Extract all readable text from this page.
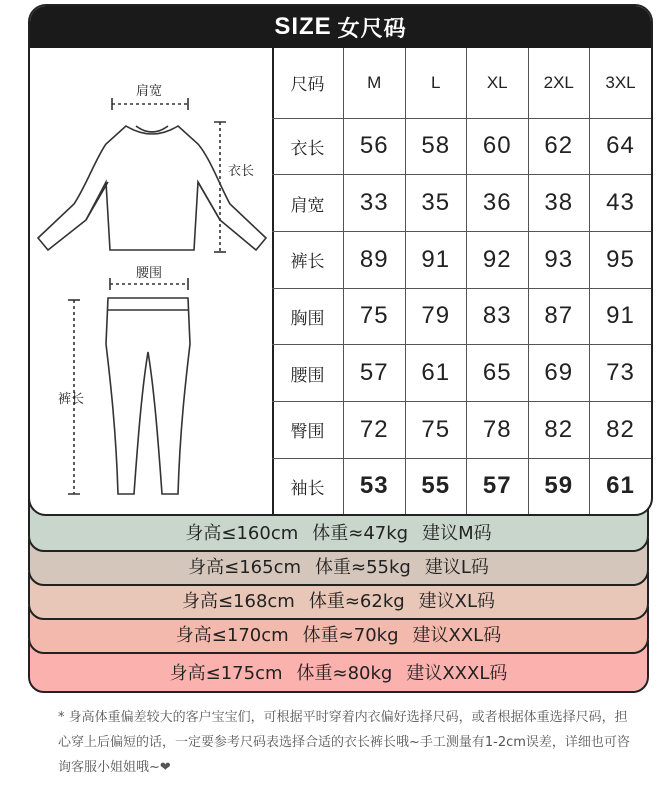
身高≤175cm 体重≈80kg 建议XXXL码
身高≤170cm 体重≈70kg 建议XXL码
身高≤168cm 体重≈62kg 建议XL码
身高≤165cm 体重≈55kg 建议L码
身高≤160cm 体重≈47kg 建议M码
SIZE 女尺码
肩宽
衣长
腰围
裤长
尺码	M	L	XL	2XL	3XL
衣长	56	58	60	62	64
肩宽	33	35	36	38	43
裤长	89	91	92	93	95
胸围	75	79	83	87	91
腰围	57	61	65	69	73
臀围	72	75	78	82	82
袖长	53	55	57	59	61
* 身高体重偏差较大的客户宝宝们，可根据平时穿着内衣偏好选择尺码，或者根据体重选择尺码，担心穿上后偏短的话，一定要参考尺码表选择合适的衣长裤长哦~手工测量有1-2cm误差，详细也可咨询客服小姐姐哦~❤
